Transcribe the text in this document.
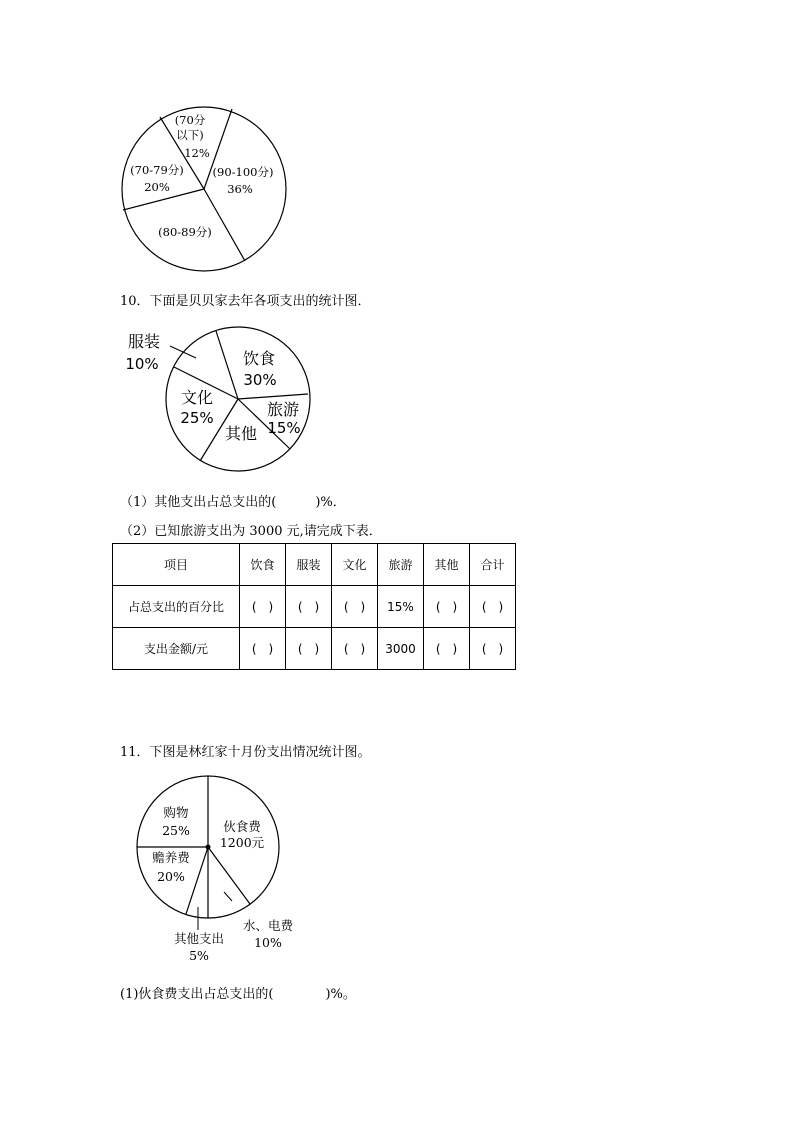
(70分
以下)
12%
(70-79分)
20%
(90-100分)
36%
(80-89分)
10．下面是贝贝家去年各项支出的统计图．
服装
10%	饮食
30%
文化
25%	旅游
15%
其他
（1）其他支出占总支出的(　　　)%．
（2）已知旅游支出为 3000 元,请完成下表．
项目	饮食	服装	文化	旅游	其他	合计
占总支出的百分比	(　)	(　)	(　)	15%	(　)	(　)
支出金额/元	(　)	(　)	(　)	3000	(　)	(　)
11．下图是林红家十月份支出情况统计图。
购物
25%	伙食费
1200元
赡养费
20%
水、电费
10%
其他支出
5%
(1)伙食费支出占总支出的(　　　　)%。
